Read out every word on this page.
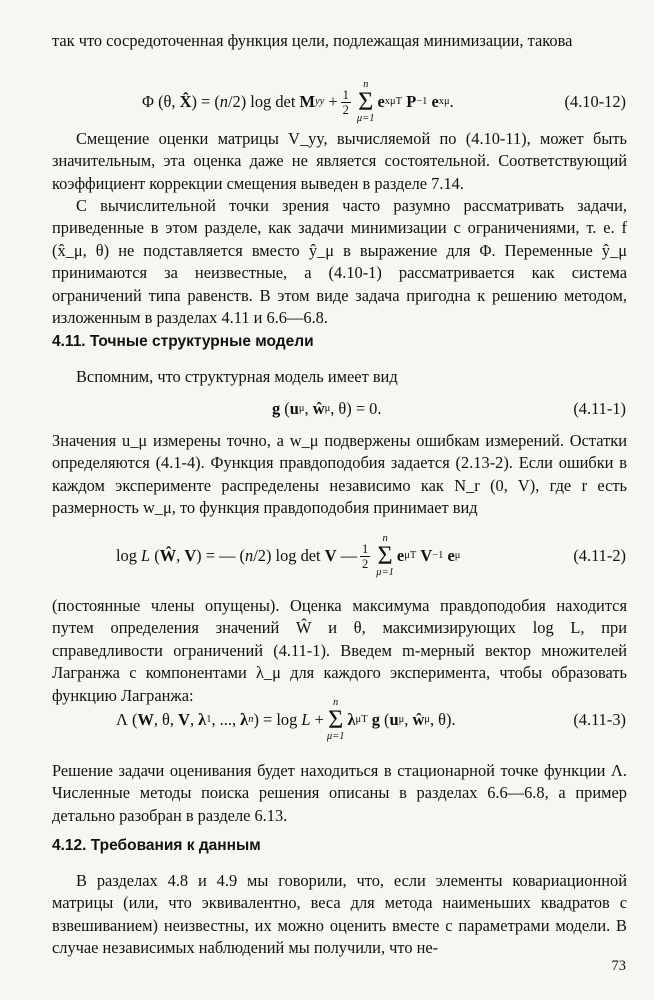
так что сосредоточенная функция цели, подлежащая минимизации, такова

Φ (θ, X̂ ) = ( n /2) log det M yy + $\frac{1}{2}$
n
Σ
μ=1
e xμ T
P −1
e xμ .	(4.10-12)

Смещение оценки матрицы V_yy, вычисляемой по (4.10-11), может быть значительным, эта оценка даже не является состоятельной. Соответствующий коэффициент коррекции смещения выведен в разделе 7.14.

С вычислительной точки зрения часто разумно рассматривать задачи, приведенные в этом разделе, как задачи минимизации с ограничениями, т. е. f (x̂_μ, θ) не подставляется вместо ŷ_μ в выражение для Φ. Переменные ŷ_μ принимаются за неизвестные, а (4.10-1) рассматривается как система ограничений типа равенств. В этом виде задача пригодна к решению методом, изложенным в разделах 4.11 и 6.6—6.8.

4.11. Точные структурные модели

Вспомним, что структурная модель имеет вид

g ( u μ , ŵ μ , θ) = 0.	(4.11-1)

Значения u_μ измерены точно, а w_μ подвержены ошибкам измерений. Остатки определяются (4.1-4). Функция правдоподобия задается (2.13-2). Если ошибки в каждом эксперименте распределены независимо как N_r (0, V), где r есть размерность w_μ, то функция правдоподобия принимает вид

log L ( Ŵ , V ) = — ( n /2) log det V — $\frac{1}{2}$
n
Σ
μ=1
e μ T
V −1
e μ	(4.11-2)

(постоянные члены опущены). Оценка максимума правдоподобия находится путем определения значений Ŵ и θ, максимизирующих log L, при справедливости ограничений (4.11-1). Введем m-мерный вектор множителей Лагранжа с компонентами λ_μ для каждого эксперимента, чтобы образовать функцию Лагранжа:

Λ ( W , θ, V , λ 1 , ..., λ n ) = log L +
n
Σ
μ=1
λ μ T
g ( u μ , ŵ μ , θ).	(4.11-3)

Решение задачи оценивания будет находиться в стационарной точке функции Λ. Численные методы поиска решения описаны в разделах 6.6—6.8, а пример детально разобран в разделе 6.13.

4.12. Требования к данным

В разделах 4.8 и 4.9 мы говорили, что, если элементы ковариационной матрицы (или, что эквивалентно, веса для метода наименьших квадратов с взвешиванием) неизвестны, их можно оценить вместе с параметрами модели. В случае независимых наблюдений мы получили, что не-

73
